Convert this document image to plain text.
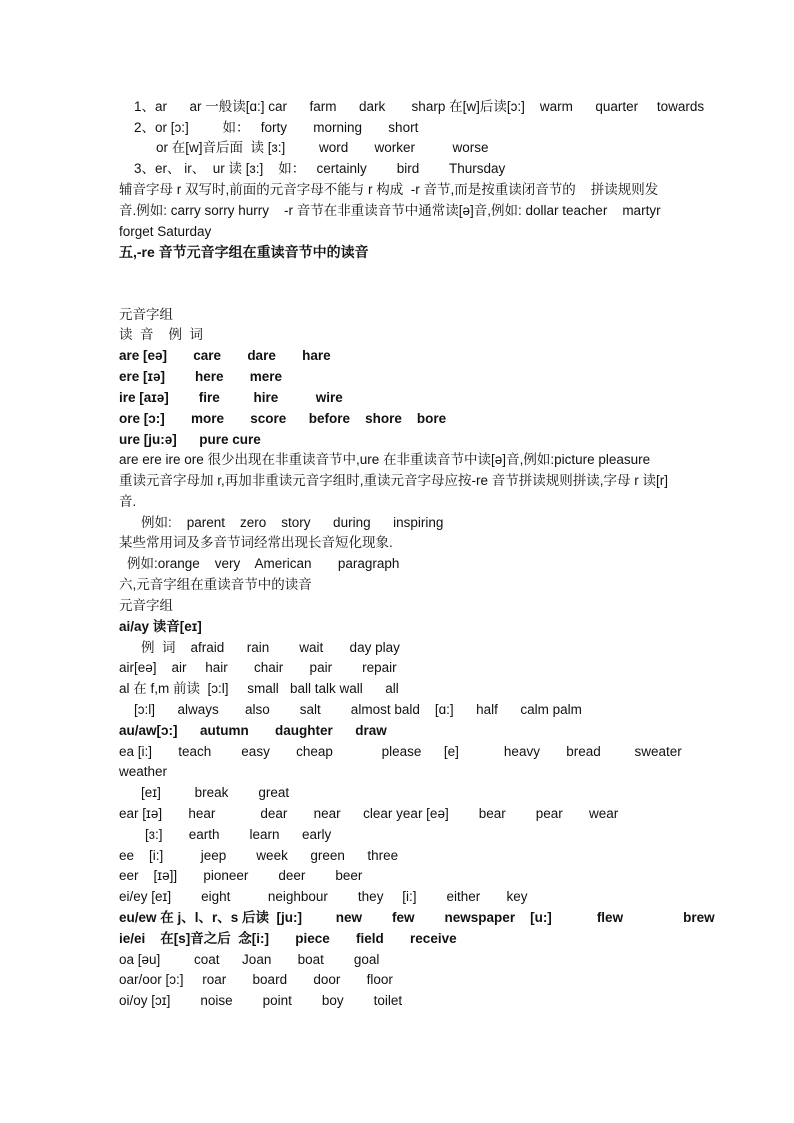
1、ar      ar 一般读[ɑ:] car      farm      dark       sharp 在[w]后读[ɔ:]    warm      quarter     towards
2、or [ɔ:]         如：   forty       morning       short
or 在[w]音后面  读 [ɜ:]         word       worker          worse
3、er、 ir、  ur 读 [ɜ:]    如：   certainly        bird        Thursday
辅音字母 r 双写时,前面的元音字母不能与 r 构成  -r 音节,而是按重读闭音节的    拼读规则发
音.例如: carry sorry hurry    -r 音节在非重读音节中通常读[ə]音,例如: dollar teacher    martyr
forget Saturday
五,-re 音节元音字组在重读音节中的读音
元音字组
读  音    例  词
are [eə]       care       dare       hare
ere [ɪə]        here       mere
ire [aɪə]        fire         hire          wire
ore [ɔ:]       more       score      before    shore    bore
ure [ju:ə]      pure cure
are ere ire ore 很少出现在非重读音节中,ure 在非重读音节中读[ə]音,例如:picture pleasure
重读元音字母加 r,再加非重读元音字组时,重读元音字母应按-re 音节拼读规则拼读,字母 r 读[r]
音.
例如:    parent    zero    story      during      inspiring
某些常用词及多音节词经常出现长音短化现象.
例如:orange    very    American       paragraph
六,元音字组在重读音节中的读音
元音字组
ai/ay 读音[eɪ]
例  词    afraid      rain        wait       day play
air[eə]    air     hair       chair       pair        repair
al 在 f,m 前读  [ɔ:l]     small   ball talk wall      all
[ɔ:l]      always       also        salt        almost bald    [ɑ:]      half      calm palm
au/aw[ɔ:]      autumn       daughter      draw
ea [i:]       teach        easy       cheap             please      [e]            heavy       bread         sweater
weather
[eɪ]         break        great
ear [ɪə]       hear            dear       near      clear year [eə]        bear        pear       wear
[ɜ:]       earth        learn      early
ee    [i:]          jeep        week      green      three
eer    [ɪə]]       pioneer        deer        beer
ei/ey [eɪ]        eight          neighbour        they     [i:]        either       key
eu/ew 在 j、l、r、s 后读  [ju:]         new        few        newspaper    [u:]            flew                brew
ie/ei    在[s]音之后  念[i:]       piece       field       receive
oa [əu]         coat      Joan       boat        goal
oar/oor [ɔ:]     roar       board       door       floor
oi/oy [ɔɪ]        noise        point        boy        toilet
